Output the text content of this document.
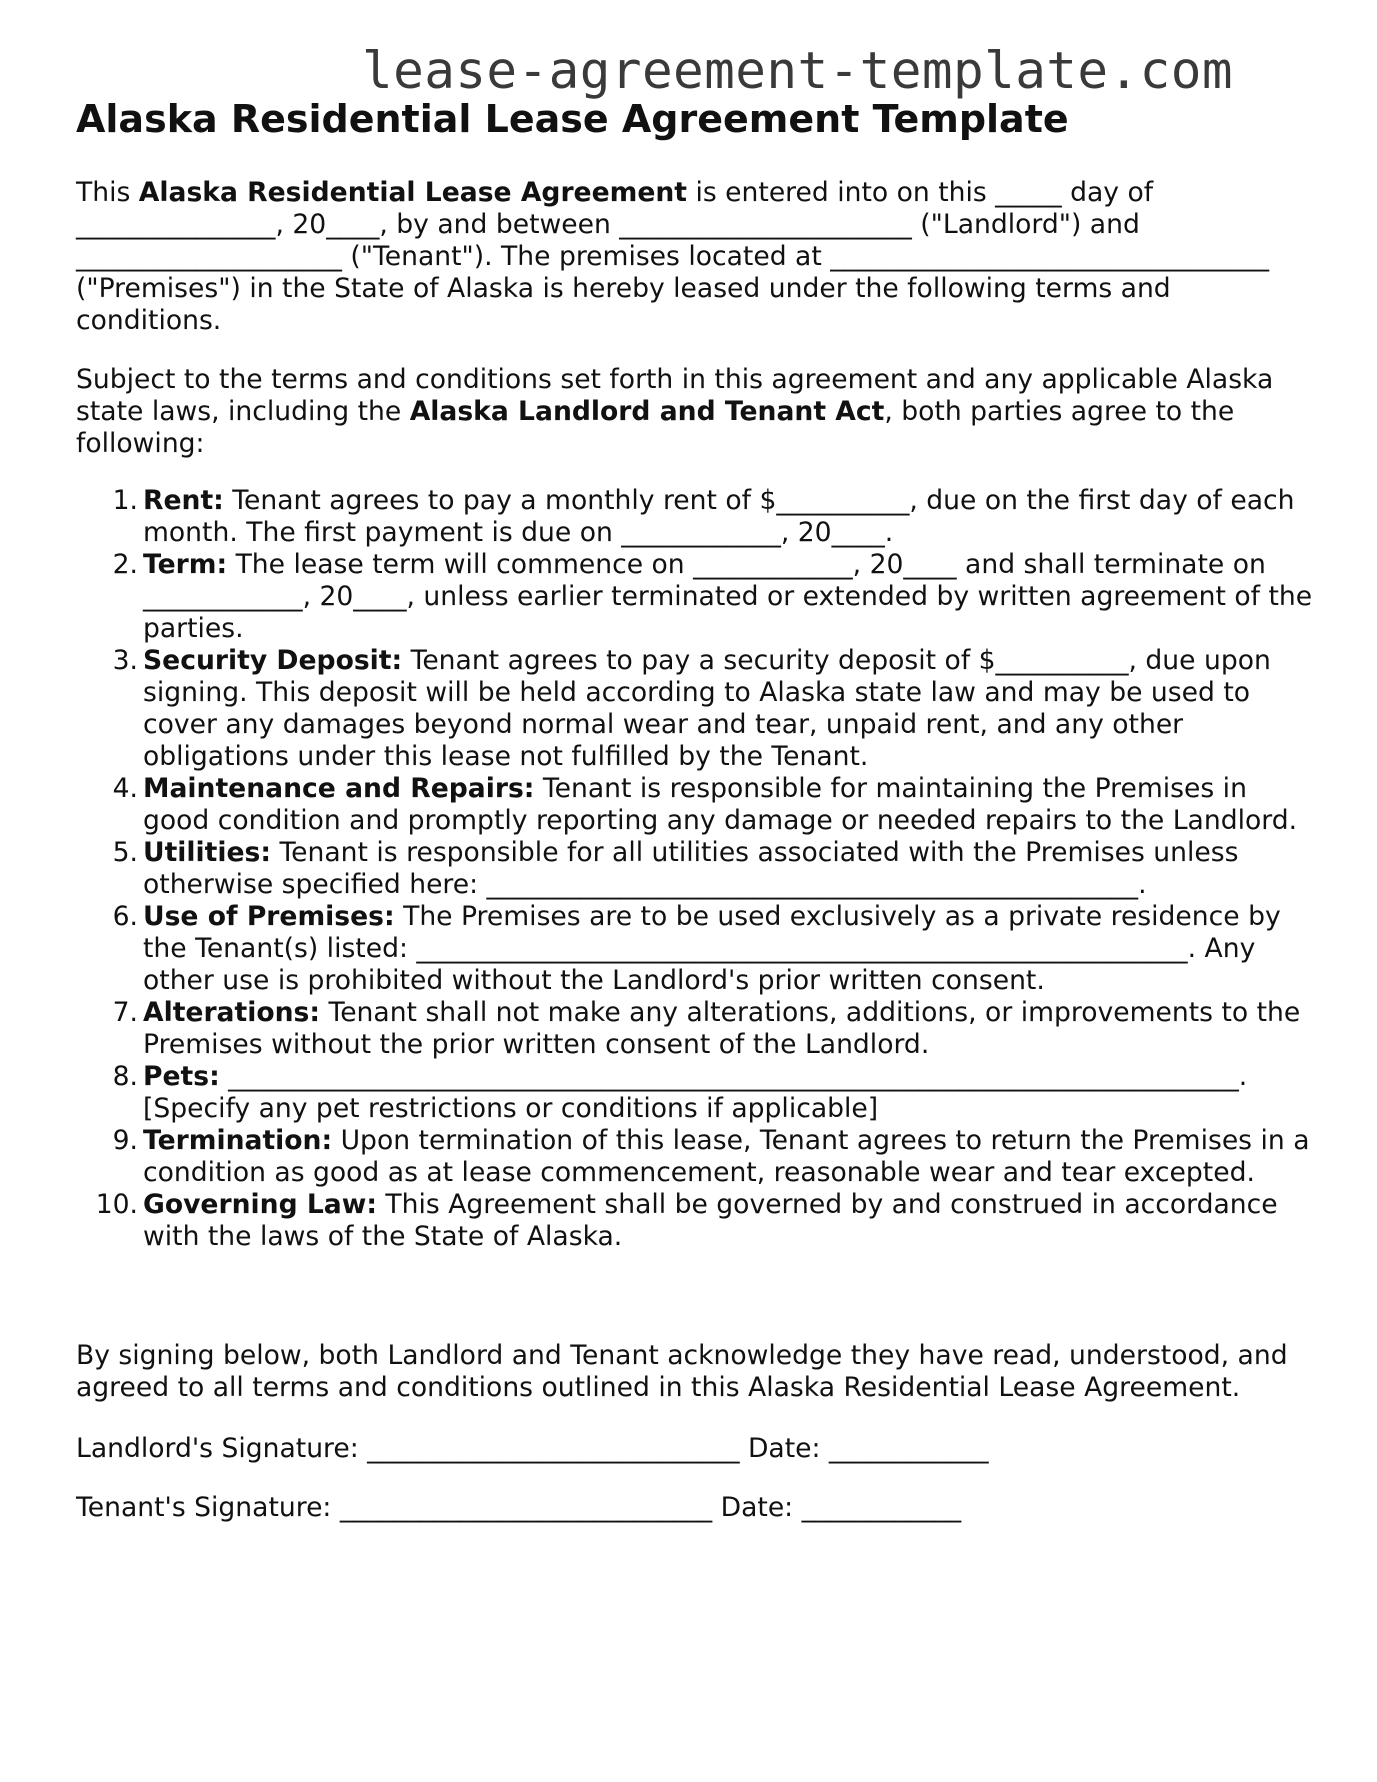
lease-agreement-template.com
Alaska Residential Lease Agreement Template

This Alaska Residential Lease Agreement is entered into on this _____ day of _______________, 20____, by and between ______________________ ("Landlord") and ____________________ ("Tenant"). The premises located at _________________________________ ("Premises") in the State of Alaska is hereby leased under the following terms and conditions.

Subject to the terms and conditions set forth in this agreement and any applicable Alaska state laws, including the Alaska Landlord and Tenant Act, both parties agree to the following:

1. Rent: Tenant agrees to pay a monthly rent of $__________, due on the first day of each month. The first payment is due on ____________, 20____.
2. Term: The lease term will commence on ____________, 20____ and shall terminate on ____________, 20____, unless earlier terminated or extended by written agreement of the parties.
3. Security Deposit: Tenant agrees to pay a security deposit of $__________, due upon signing. This deposit will be held according to Alaska state law and may be used to cover any damages beyond normal wear and tear, unpaid rent, and any other obligations under this lease not fulfilled by the Tenant.
4. Maintenance and Repairs: Tenant is responsible for maintaining the Premises in good condition and promptly reporting any damage or needed repairs to the Landlord.
5. Utilities: Tenant is responsible for all utilities associated with the Premises unless otherwise specified here: _________________________________________________.
6. Use of Premises: The Premises are to be used exclusively as a private residence by the Tenant(s) listed: __________________________________________________________. Any other use is prohibited without the Landlord's prior written consent.
7. Alterations: Tenant shall not make any alterations, additions, or improvements to the Premises without the prior written consent of the Landlord.
8. Pets: ____________________________________________________________________________. [Specify any pet restrictions or conditions if applicable]
9. Termination: Upon termination of this lease, Tenant agrees to return the Premises in a condition as good as at lease commencement, reasonable wear and tear excepted.
10. Governing Law: This Agreement shall be governed by and construed in accordance with the laws of the State of Alaska.

By signing below, both Landlord and Tenant acknowledge they have read, understood, and agreed to all terms and conditions outlined in this Alaska Residential Lease Agreement.

Landlord's Signature: ____________________________ Date: ____________
Tenant's Signature: ____________________________ Date: ____________
